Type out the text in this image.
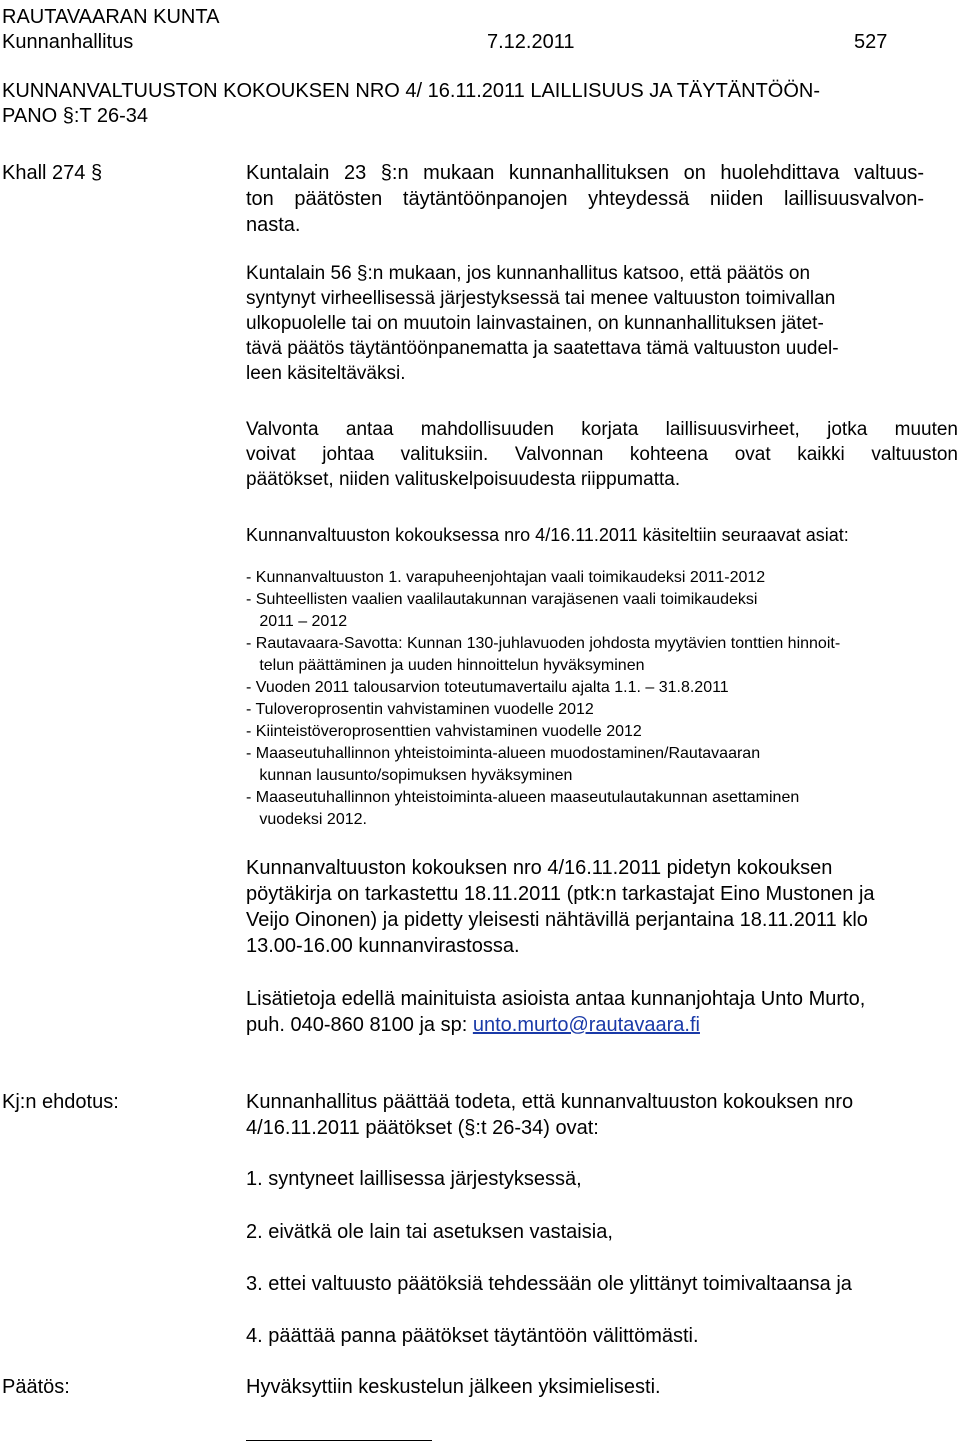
RAUTAVAARAN KUNTA
Kunnanhallitus	7.12.2011	527
KUNNANVALTUUSTON KOKOUKSEN NRO 4/ 16.11.2011 LAILLISUUS JA TÄYTÄNTÖÖN-
PANO §:T 26-34
Khall 274 §	Kuntalain 23 §:n mukaan kunnanhallituksen on huolehdittava valtuus-
ton päätösten täytäntöönpanojen yhteydessä niiden laillisuusvalvon-
nasta.
Kuntalain 56 §:n mukaan, jos kunnanhallitus katsoo, että päätös on
syntynyt virheellisessä järjestyksessä tai menee valtuuston toimivallan
ulkopuolelle tai on muutoin lainvastainen, on kunnanhallituksen jätet-
tävä päätös täytäntöönpanematta ja saatettava tämä valtuuston uudel-
leen käsiteltäväksi.
Valvonta antaa mahdollisuuden korjata laillisuusvirheet, jotka muuten
voivat johtaa valituksiin. Valvonnan kohteena ovat kaikki valtuuston
päätökset, niiden valituskelpoisuudesta riippumatta.
Kunnanvaltuuston kokouksessa nro 4/16.11.2011 käsiteltiin seuraavat asiat:
- Kunnanvaltuuston 1. varapuheenjohtajan vaali toimikaudeksi 2011-2012
- Suhteellisten vaalien vaalilautakunnan varajäsenen vaali toimikaudeksi
2011 – 2012
- Rautavaara-Savotta: Kunnan 130-juhlavuoden johdosta myytävien tonttien hinnoit-
telun päättäminen ja uuden hinnoittelun hyväksyminen
- Vuoden 2011 talousarvion toteutumavertailu ajalta 1.1. – 31.8.2011
- Tuloveroprosentin vahvistaminen vuodelle 2012
- Kiinteistöveroprosenttien vahvistaminen vuodelle 2012
- Maaseutuhallinnon yhteistoiminta-alueen muodostaminen/Rautavaaran
kunnan lausunto/sopimuksen hyväksyminen
- Maaseutuhallinnon yhteistoiminta-alueen maaseutulautakunnan asettaminen
vuodeksi 2012.
Kunnanvaltuuston kokouksen nro 4/16.11.2011 pidetyn kokouksen
pöytäkirja on tarkastettu 18.11.2011 (ptk:n tarkastajat Eino Mustonen ja
Veijo Oinonen) ja pidetty yleisesti nähtävillä perjantaina 18.11.2011 klo
13.00-16.00 kunnanvirastossa.
Lisätietoja edellä mainituista asioista antaa kunnanjohtaja Unto Murto,
puh. 040-860 8100 ja sp: unto.murto@rautavaara.fi
Kj:n ehdotus:	Kunnanhallitus päättää todeta, että kunnanvaltuuston kokouksen nro
4/16.11.2011 päätökset (§:t 26-34) ovat:
1. syntyneet laillisessa järjestyksessä,
2. eivätkä ole lain tai asetuksen vastaisia,
3. ettei valtuusto päätöksiä tehdessään ole ylittänyt toimivaltaansa ja
4. päättää panna päätökset täytäntöön välittömästi.
Päätös:	Hyväksyttiin keskustelun jälkeen yksimielisesti.
